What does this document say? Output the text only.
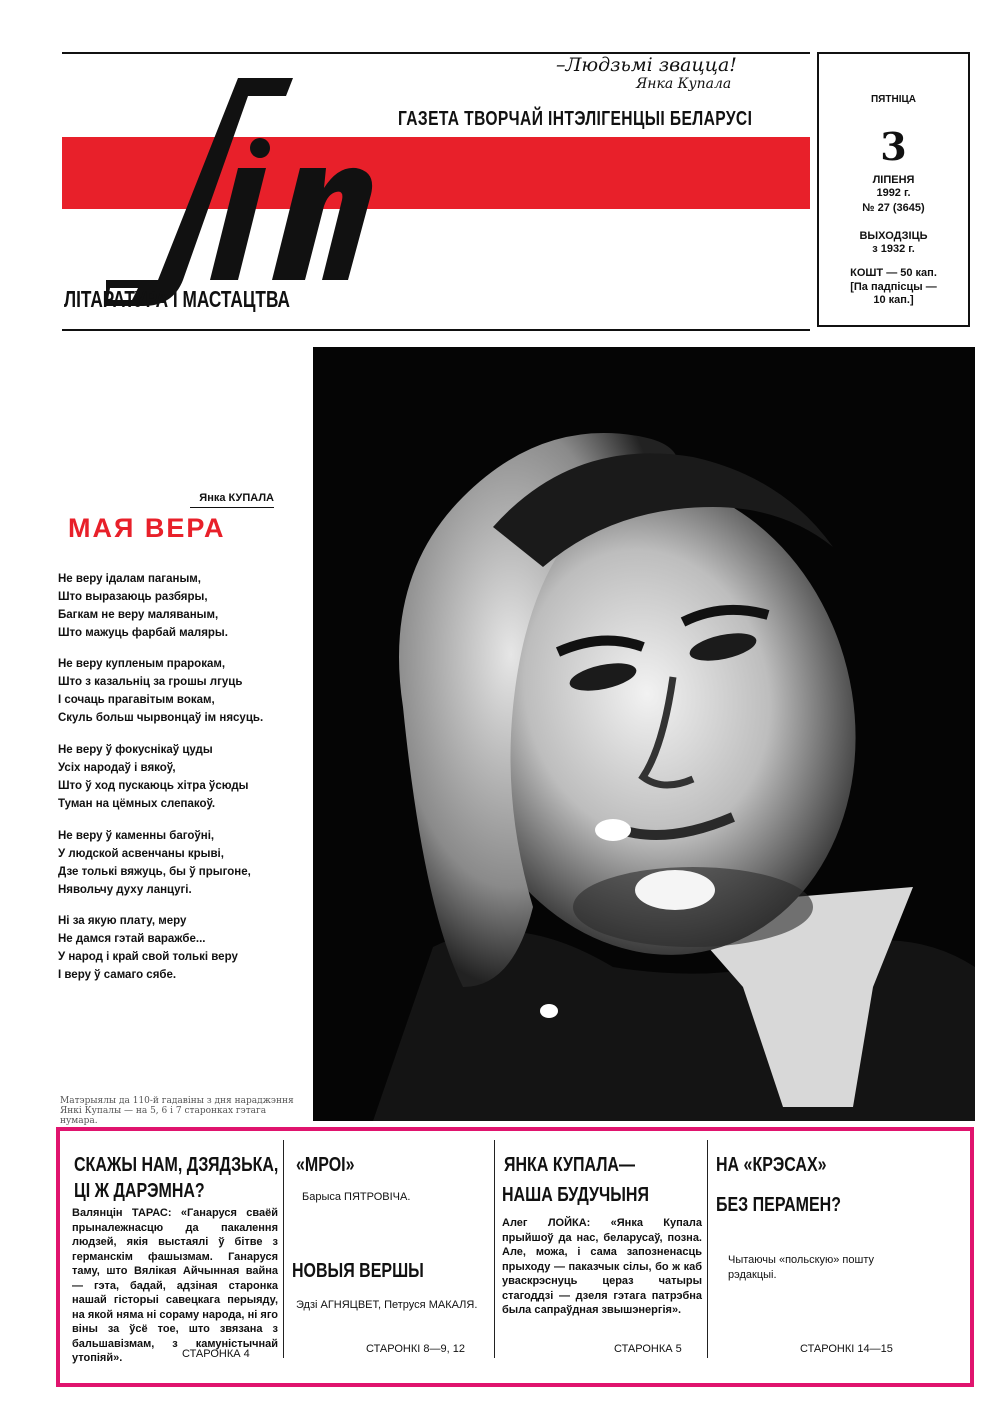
–Людзьмі звацца!
Янка Купала
ГАЗЕТА ТВОРЧАЙ ІНТЭЛІГЕНЦЫІ БЕЛАРУСІ
ЛІТАРАТУРА І МАСТАЦТВА
ПЯТНІЦА
3
ЛІПЕНЯ
1992 г.
№ 27 (3645)
ВЫХОДЗІЦЬ
з 1932 г.
КОШТ — 50 кап.
[Па падпісцы —
10 кап.]
Янка КУПАЛА
МАЯ ВЕРА
Не веру ідалам паганым,
Што выразаюць разбяры,
Багкам не веру маляваным,
Што мажуць фарбай маляры.
Не веру купленым прарокам,
Што з казальніц за грошы лгуць
І сочаць прагавітым вокам,
Скуль больш чырвонцаў ім нясуць.
Не веру ў фокуснікаў цуды
Усіх народаў і вякоў,
Што ў ход пускаюць хітра ўсюды
Туман на цёмных слепакоў.
Не веру ў каменны багоўні,
У людской асвенчаны крыві,
Дзе толькі вяжуць, бы ў прыгоне,
Нявольчу духу ланцугі.
Ні за якую плату, меру
Не дамся гэтай варажбе...
У народ і край свой толькі веру
І веру ў самаго сябе.
Матэрыялы да 110-й гадавіны з дня нараджэння Янкі Купалы — на 5, 6 і 7 старонках гэтага нумара.
СКАЖЫ НАМ, ДЗЯДЗЬКА,
ЦІ Ж ДАРЭМНА?
Валянцін ТАРАС: «Ганаруся сваёй прыналежнасцю да пакалення людзей, якія выстаялі ў бітве з германскім фашызмам. Ганаруся таму, што Вялікая Айчынная вайна — гэта, бадай, адзіная старонка нашай гісторыі савецкага перыяду, на якой няма ні сораму народа, ні яго віны за ўсё тое, што звязана з бальшавізмам, з камуністычнай утопіяй».	СТАРОНКА 4
«МРОІ»
Барыса ПЯТРОВІЧА.
НОВЫЯ ВЕРШЫ
Эдзі АГНЯЦВЕТ, Петруся МАКАЛЯ.
СТАРОНКІ 8—9, 12
ЯНКА КУПАЛА—
НАША БУДУЧЫНЯ
Алег ЛОЙКА: «Янка Купала прыйшоў да нас, беларусаў, позна. Але, можа, і сама запозненасць прыходу — паказчык сілы, бо ж каб уваскрэснуць цераз чатыры стагоддзі — дзеля гэтага патрэбна была сапраўдная звышэнергія».
СТАРОНКА 5
НА «КРЭСАХ»
БЕЗ ПЕРАМЕН?
Чытаючы «польскую» пошту рэдакцыі.
СТАРОНКІ 14—15
